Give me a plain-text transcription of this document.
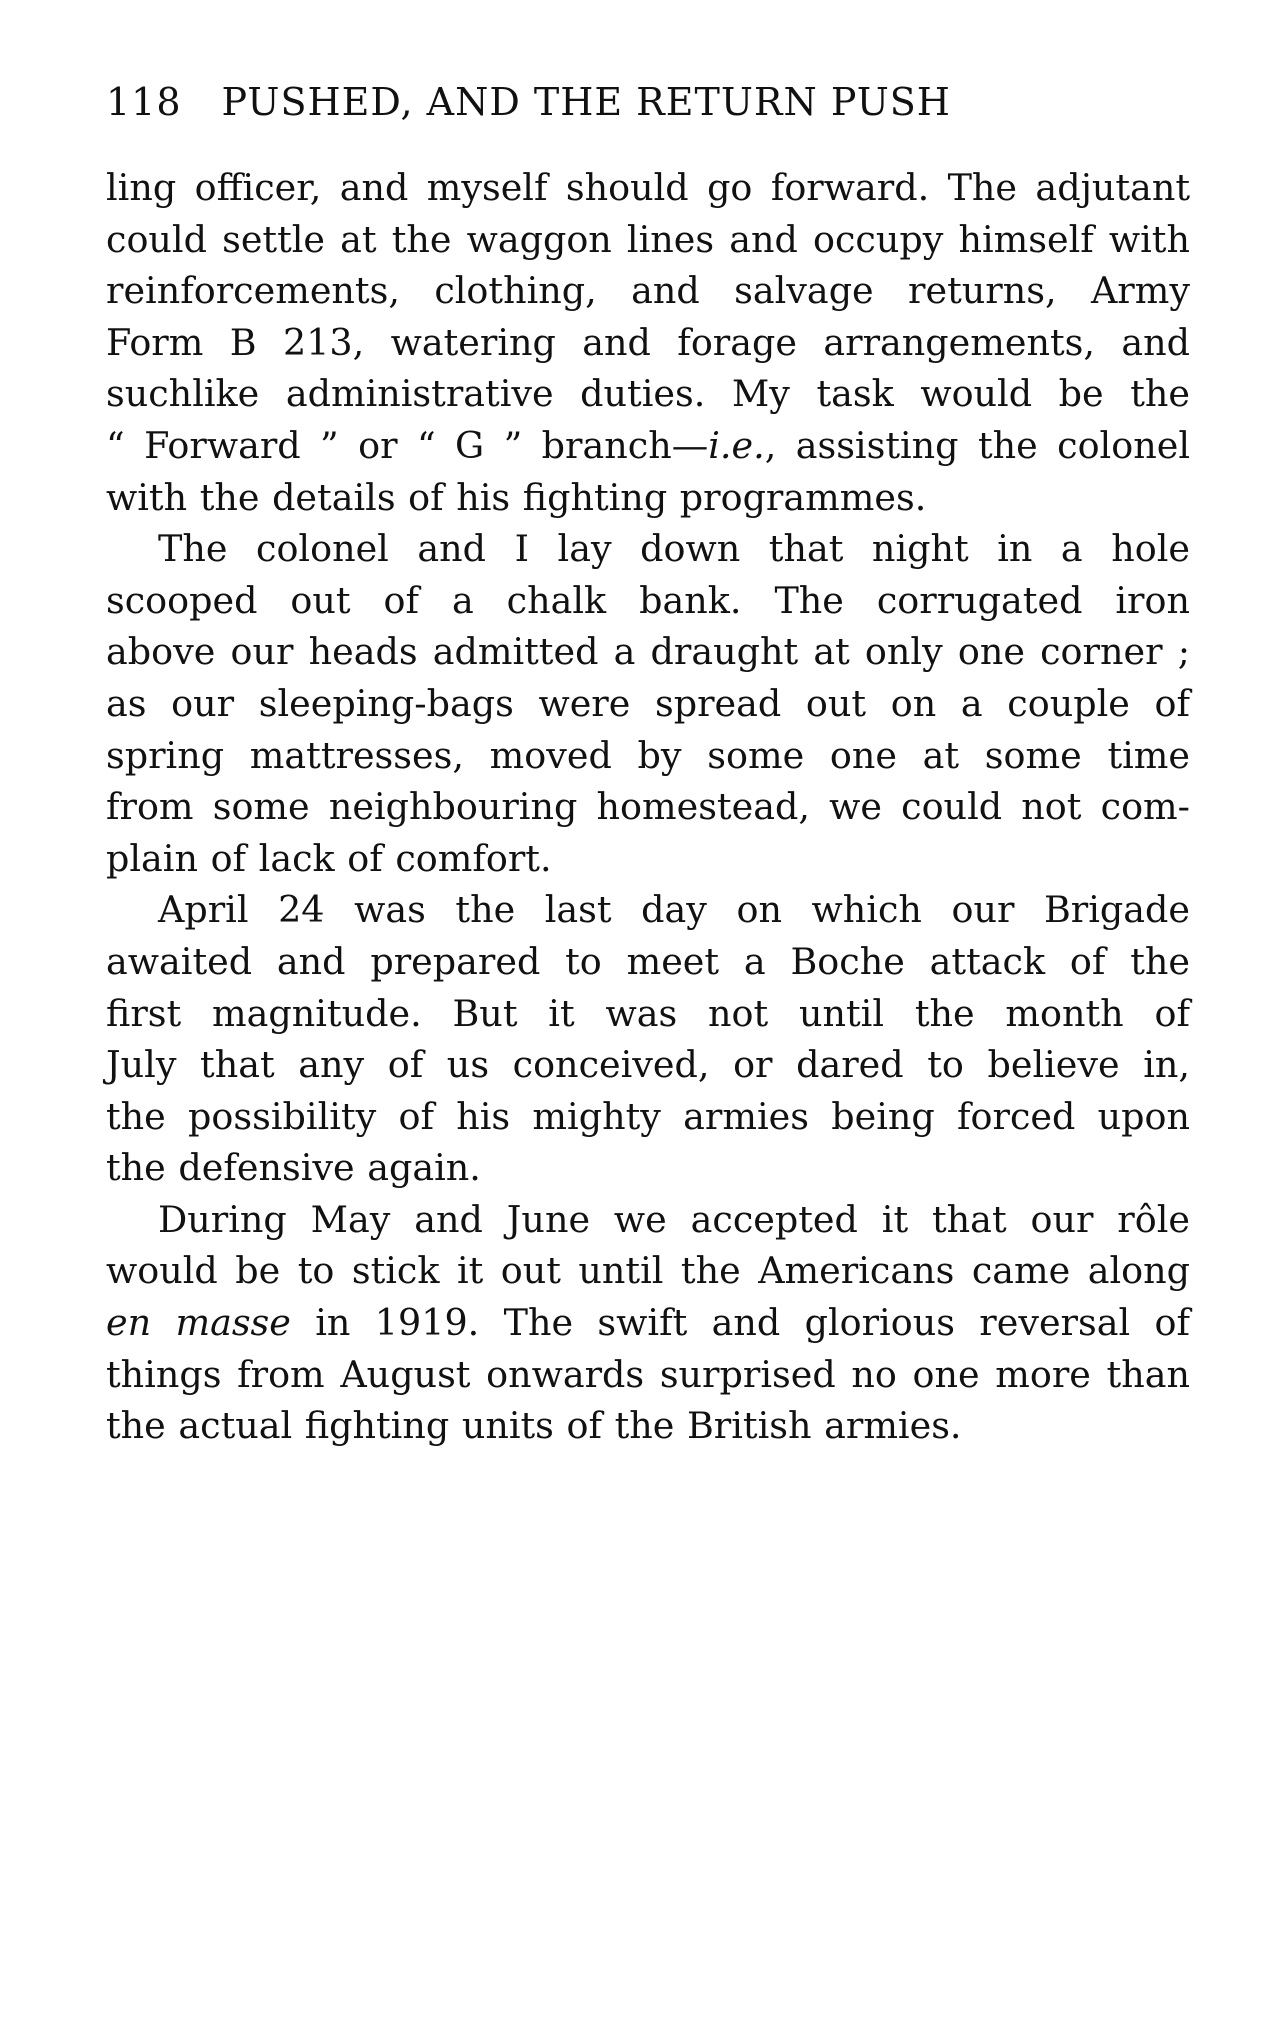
118 PUSHED, AND THE RETURN PUSH
ling officer, and myself should go forward. The adjutant
could settle at the waggon lines and occupy himself with
reinforcements, clothing, and salvage returns, Army
Form B 213, watering and forage arrangements, and
suchlike administrative duties. My task would be the
“ Forward ” or “ G ” branch—i.e., assisting the colonel
with the details of his fighting programmes.
The colonel and I lay down that night in a hole
scooped out of a chalk bank. The corrugated iron
above our heads admitted a draught at only one corner ;
as our sleeping-bags were spread out on a couple of
spring mattresses, moved by some one at some time
from some neighbouring homestead, we could not com-
plain of lack of comfort.
April 24 was the last day on which our Brigade
awaited and prepared to meet a Boche attack of the
first magnitude. But it was not until the month of
July that any of us conceived, or dared to believe in,
the possibility of his mighty armies being forced upon
the defensive again.
During May and June we accepted it that our rôle
would be to stick it out until the Americans came along
en masse in 1919. The swift and glorious reversal of
things from August onwards surprised no one more than
the actual fighting units of the British armies.
